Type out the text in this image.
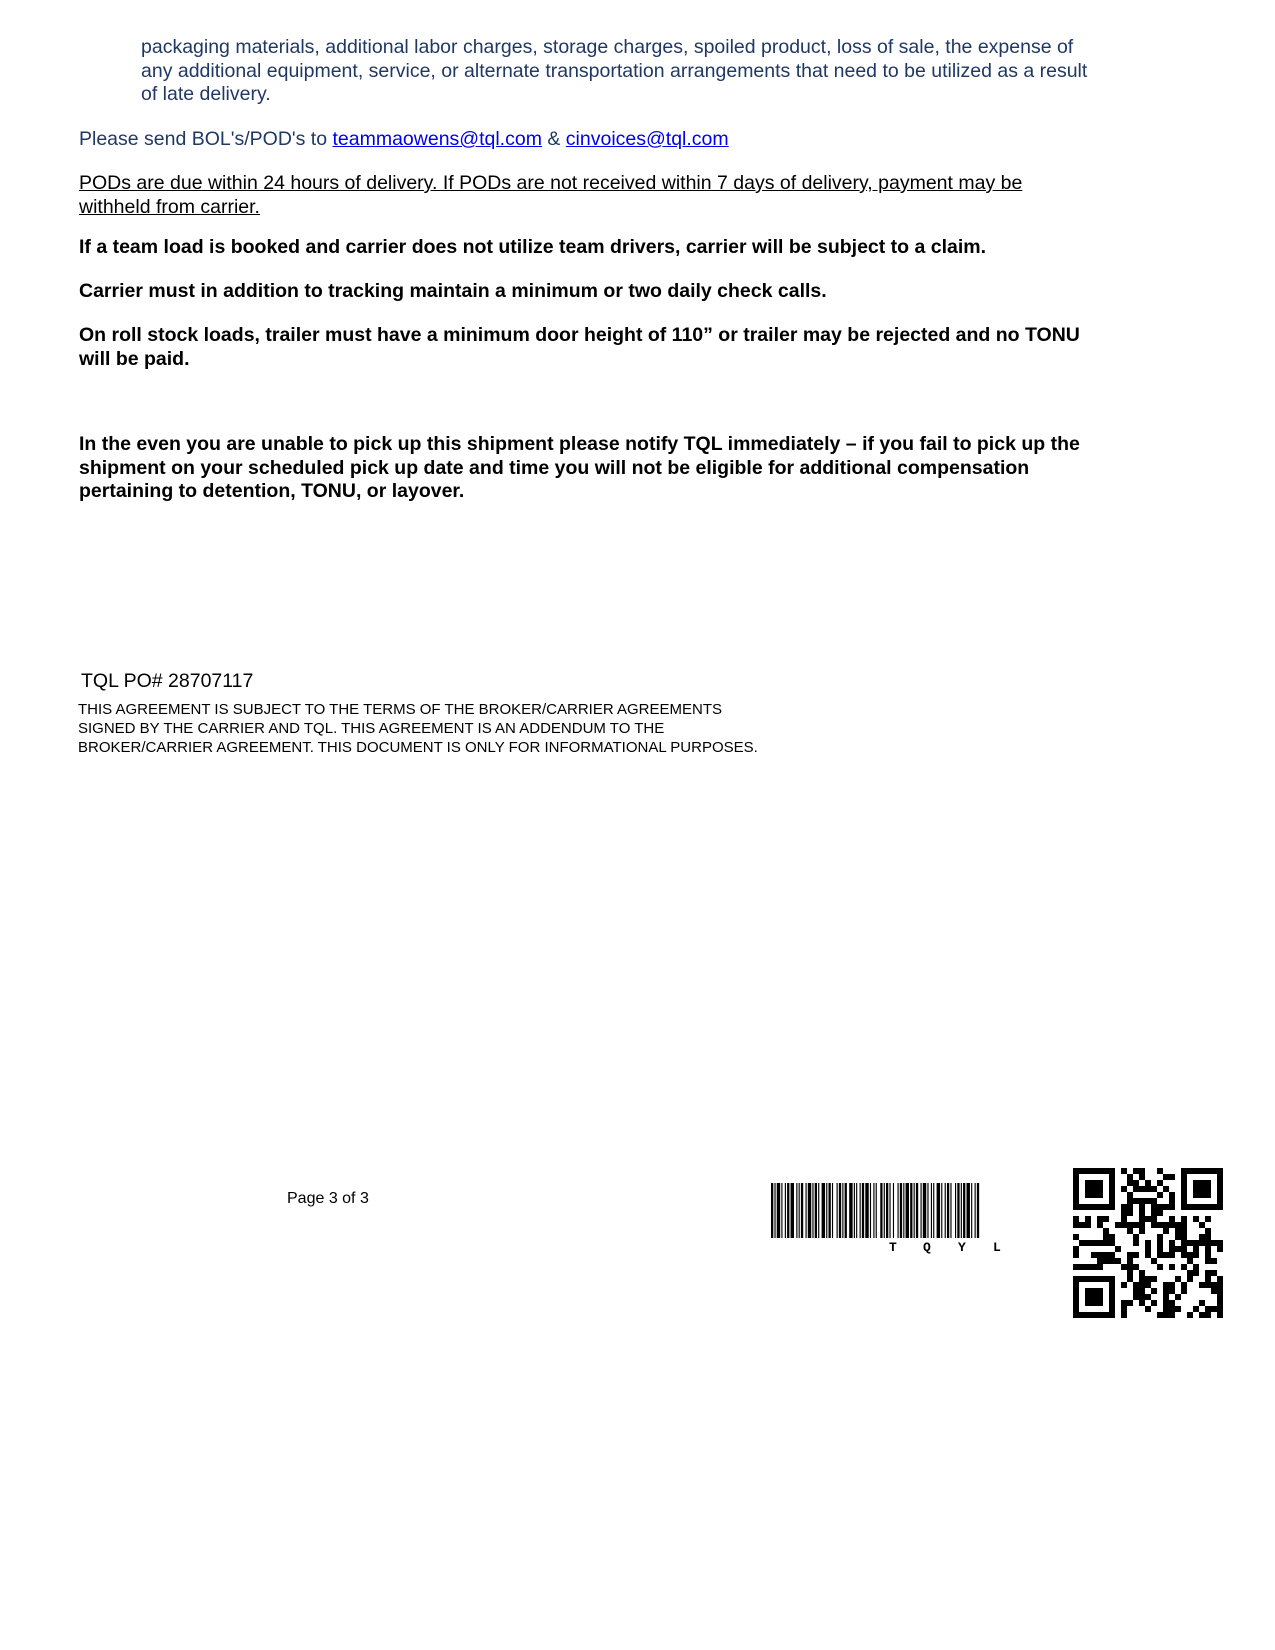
packaging materials, additional labor charges, storage charges, spoiled product, loss of sale, the expense of any additional equipment, service, or alternate transportation arrangements that need to be utilized as a result of late delivery.

Please send BOL's/POD's to teammaowens@tql.com & cinvoices@tql.com

PODs are due within 24 hours of delivery. If PODs are not received within 7 days of delivery, payment may be withheld from carrier.

If a team load is booked and carrier does not utilize team drivers, carrier will be subject to a claim.

Carrier must in addition to tracking maintain a minimum or two daily check calls.

On roll stock loads, trailer must have a minimum door height of 110” or trailer may be rejected and no TONU will be paid.

In the even you are unable to pick up this shipment please notify TQL immediately – if you fail to pick up the shipment on your scheduled pick up date and time you will not be eligible for additional compensation pertaining to detention, TONU, or layover.

TQL PO# 28707117

THIS AGREEMENT IS SUBJECT TO THE TERMS OF THE BROKER/CARRIER AGREEMENTS SIGNED BY THE CARRIER AND TQL. THIS AGREEMENT IS AN ADDENDUM TO THE BROKER/CARRIER AGREEMENT. THIS DOCUMENT IS ONLY FOR INFORMATIONAL PURPOSES.

Page 3 of 3
T Q Y L
